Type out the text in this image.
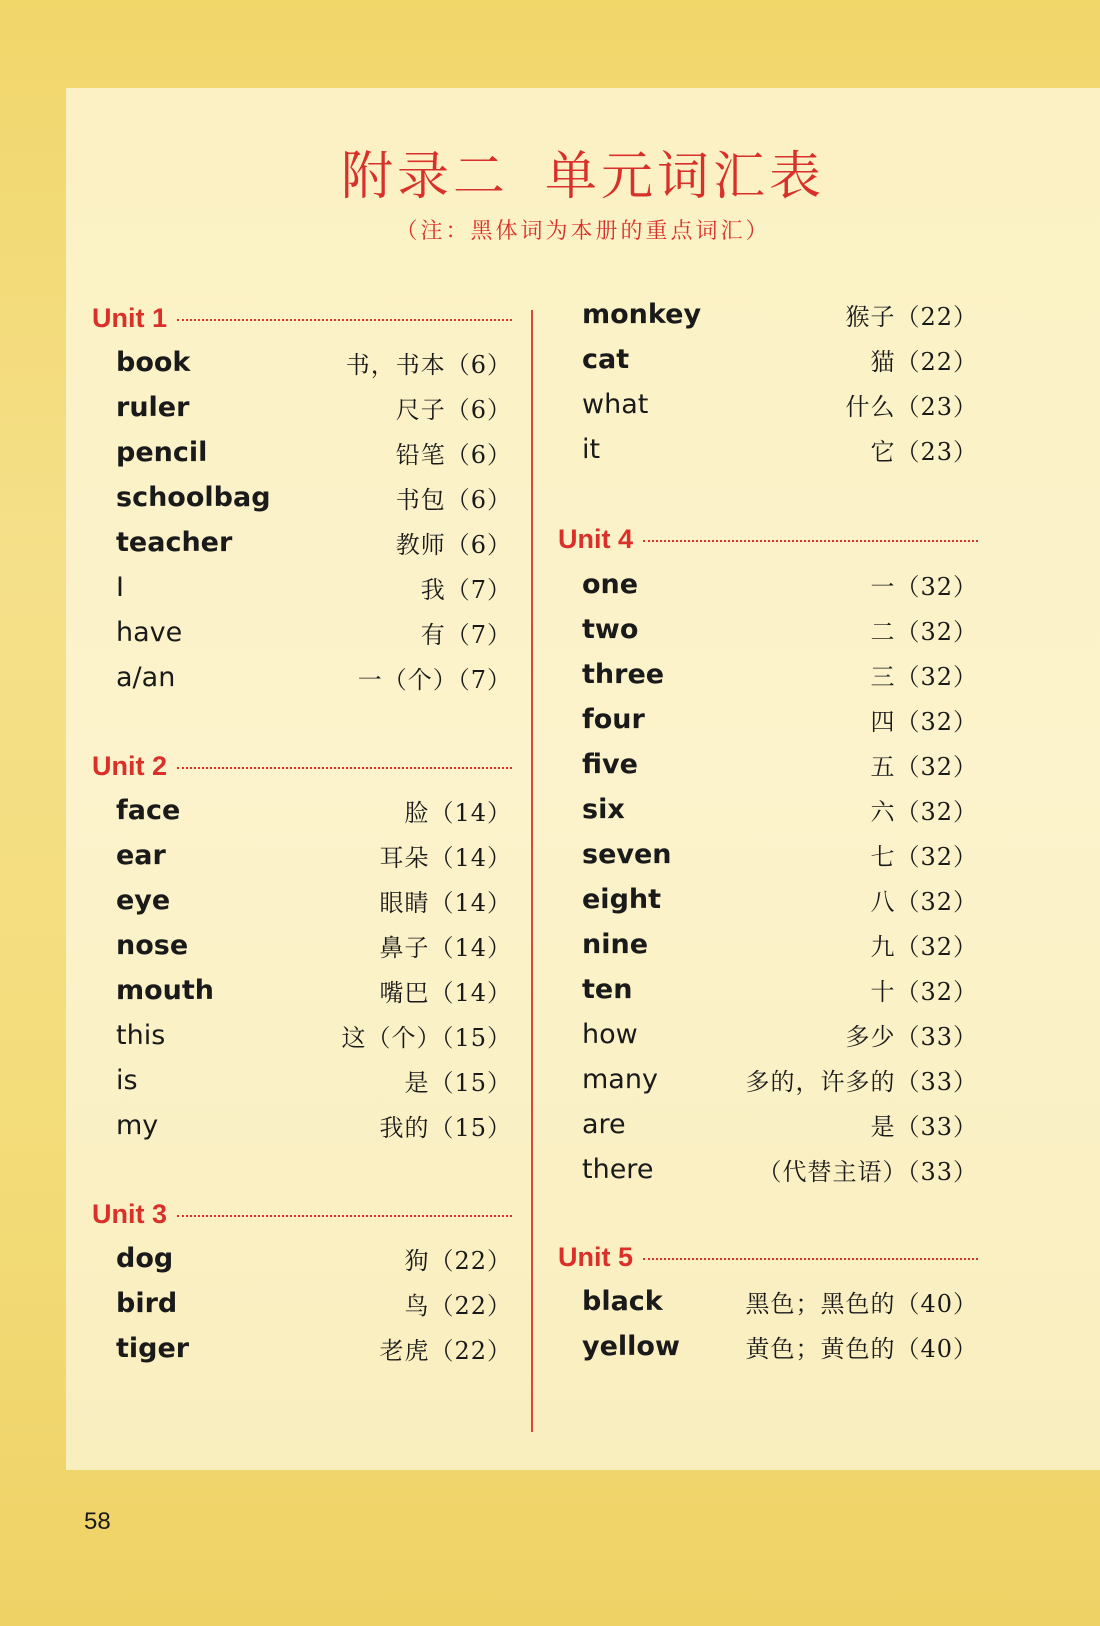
附录二 单元词汇表
（注：黑体词为本册的重点词汇）
Unit 1
book	书，书本（6）
ruler	尺子（6）
pencil	铅笔（6）
schoolbag	书包（6）
teacher	教师（6）
I	我（7）
have	有（7）
a/an	一（个）（7）
Unit 2
face	脸（14）
ear	耳朵（14）
eye	眼睛（14）
nose	鼻子（14）
mouth	嘴巴（14）
this	这（个）（15）
is	是（15）
my	我的（15）
Unit 3
dog	狗（22）
bird	鸟（22）
tiger	老虎（22）
monkey	猴子（22）
cat	猫（22）
what	什么（23）
it	它（23）
Unit 4
one	一（32）
two	二（32）
three	三（32）
four	四（32）
five	五（32）
six	六（32）
seven	七（32）
eight	八（32）
nine	九（32）
ten	十（32）
how	多少（33）
many	多的，许多的（33）
are	是（33）
there	（代替主语）（33）
Unit 5
black	黑色；黑色的（40）
yellow	黄色；黄色的（40）
58
